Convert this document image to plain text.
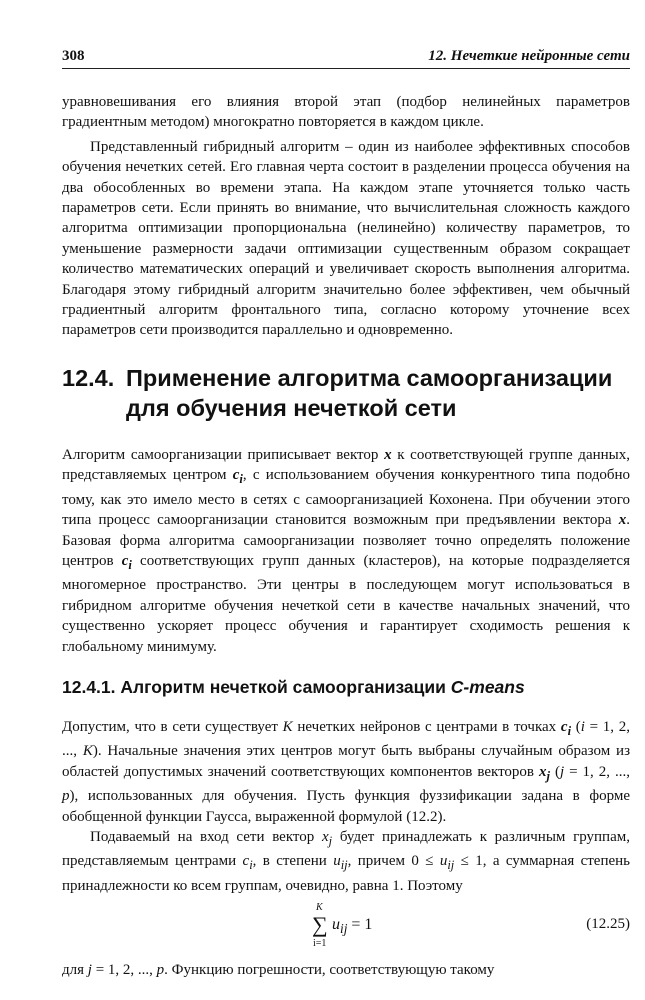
308	12. Нечеткие нейронные сети

уравновешивания его влияния второй этап (подбор нелинейных параметров градиентным методом) многократно повторяется в каждом цикле.

Представленный гибридный алгоритм – один из наиболее эффективных способов обучения нечетких сетей. Его главная черта состоит в разделении процесса обучения на два обособленных во времени этапа. На каждом этапе уточняется только часть параметров сети. Если принять во внимание, что вычислительная сложность каждого алгоритма оптимизации пропорциональна (нелинейно) количеству параметров, то уменьшение размерности задачи оптимизации существенным образом сокращает количество математических операций и увеличивает скорость выполнения алгоритма. Благодаря этому гибридный алгоритм значительно более эффективен, чем обычный градиентный алгоритм фронтального типа, согласно которому уточнение всех параметров сети производится параллельно и одновременно.

12.4. Применение алгоритма самоорганизации
для обучения нечеткой сети

Алгоритм самоорганизации приписывает вектор x к соответствующей группе данных, представляемых центром $c_i$, с использованием обучения конкурентного типа подобно тому, как это имело место в сетях с самоорганизацией Кохонена. При обучении этого типа процесс самоорганизации становится возможным при предъявлении вектора x. Базовая форма алгоритма самоорганизации позволяет точно определять положение центров $c_i$ соответствующих групп данных (кластеров), на которые подразделяется многомерное пространство. Эти центры в последующем могут использоваться в гибридном алгоритме обучения нечеткой сети в качестве начальных значений, что существенно ускоряет процесс обучения и гарантирует сходимость решения к глобальному минимуму.

12.4.1. Алгоритм нечеткой самоорганизации C-means

Допустим, что в сети существует K нечетких нейронов с центрами в точках $c_i$ (i = 1, 2, ..., K). Начальные значения этих центров могут быть выбраны случайным образом из областей допустимых значений соответствующих компонентов векторов $x_j$ (j = 1, 2, ..., p), использованных для обучения. Пусть функция фуззификации задана в форме обобщенной функции Гаусса, выраженной формулой (12.2).

Подаваемый на вход сети вектор $x_j$ будет принадлежать к различным группам, представляемым центрами $c_i$, в степени $u_{ij}$, причем $0 \le u_{ij} \le 1$, а суммарная степень принадлежности ко всем группам, очевидно, равна 1. Поэтому

K
∑
i=1
$u_{ij} = 1$	(12.25)

для j = 1, 2, ..., p. Функцию погрешности, соответствующую такому
